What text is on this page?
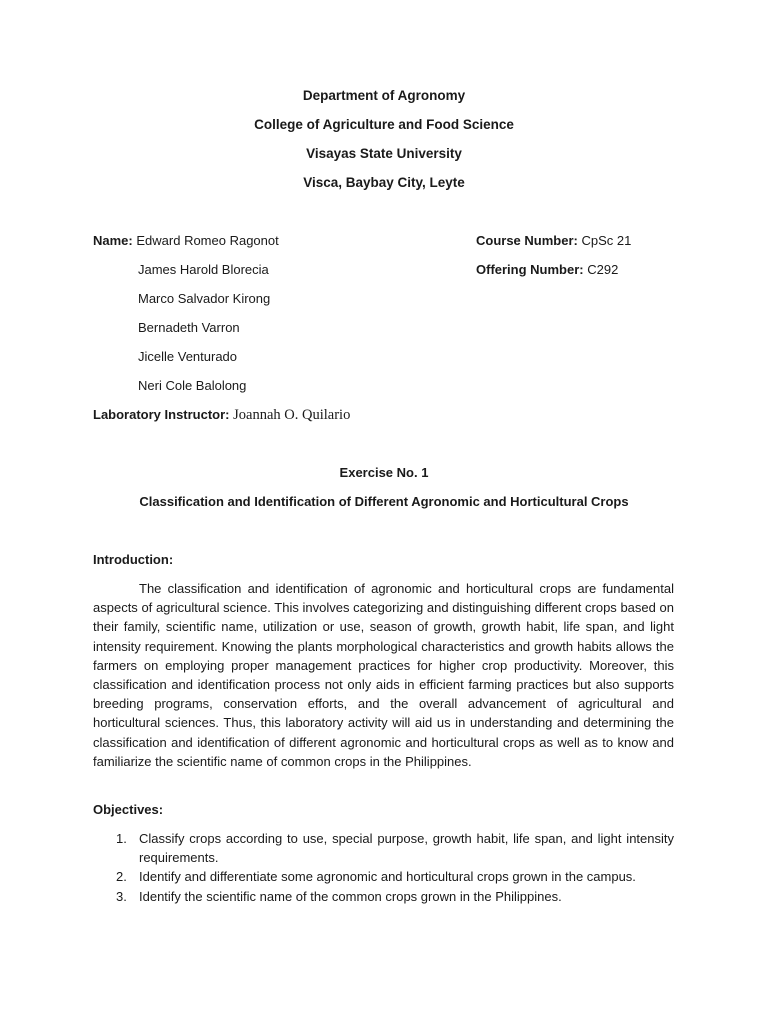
Department of Agronomy
College of Agriculture and Food Science
Visayas State University
Visca, Baybay City, Leyte
Name: Edward Romeo Ragonot
James Harold Blorecia
Marco Salvador Kirong
Bernadeth Varron
Jicelle Venturado
Neri Cole Balolong
Course Number: CpSc 21
Offering Number: C292
Laboratory Instructor: Joannah O. Quilario
Exercise No. 1
Classification and Identification of Different Agronomic and Horticultural Crops
Introduction:

The classification and identification of agronomic and horticultural crops are fundamental aspects of agricultural science. This involves categorizing and distinguishing different crops based on their family, scientific name, utilization or use, season of growth, growth habit, life span, and light intensity requirement. Knowing the plants morphological characteristics and growth habits allows the farmers on employing proper management practices for higher crop productivity. Moreover, this classification and identification process not only aids in efficient farming practices but also supports breeding programs, conservation efforts, and the overall advancement of agricultural and horticultural sciences. Thus, this laboratory activity will aid us in understanding and determining the classification and identification of different agronomic and horticultural crops as well as to know and familiarize the scientific name of common crops in the Philippines.

Objectives:
1. Classify crops according to use, special purpose, growth habit, life span, and light intensity requirements.
2. Identify and differentiate some agronomic and horticultural crops grown in the campus.
3. Identify the scientific name of the common crops grown in the Philippines.
